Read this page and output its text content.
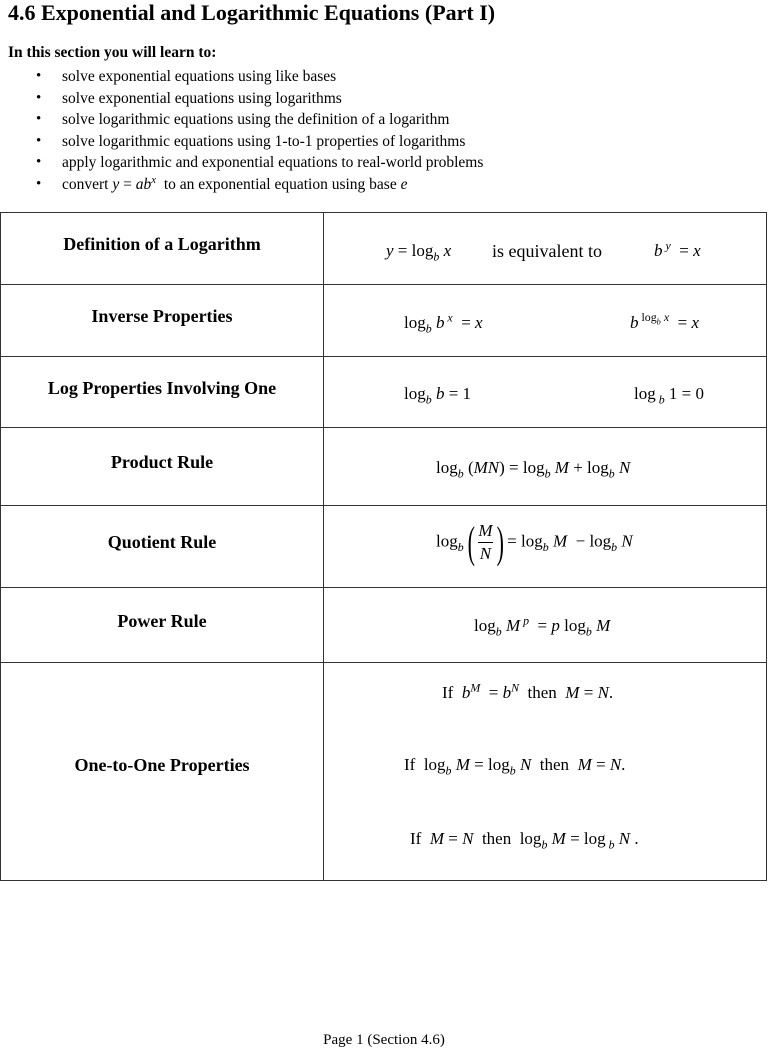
4.6 Exponential and Logarithmic Equations (Part I)
In this section you will learn to:
• solve exponential equations using like bases
• solve exponential equations using logarithms
• solve logarithmic equations using the definition of a logarithm
• solve logarithmic equations using 1-to-1 properties of logarithms
• apply logarithmic and exponential equations to real-world problems
• convert $y = ab^x$ to an exponential equation using base e
Definition of a Logarithm	$y = \log_b x$ is equivalent to b $^y$  = x

Inverse Properties	$\log_b b$ $^x$  = x b $^{log_b x}$  = x

Log Properties Involving One	$\log_b b = 1$ log $_b$ 1 = 0

Product Rule	$\log_b (MN) = \log_b M + \log_b N$

Quotient Rule	$\log_b( \frac{M}{N}$ ) = $\log_b M - \log_b N$

Power Rule	$\log_b M$ $^p$  = p $\log_b M$

One-to-One Properties	If  $b^M = b^N$  then  M = N.
If  $\log_b M = \log_b N$  then  M = N.
If  M = N  then  $\log_b M = \log _b$ N .
Page 1 (Section 4.6)
